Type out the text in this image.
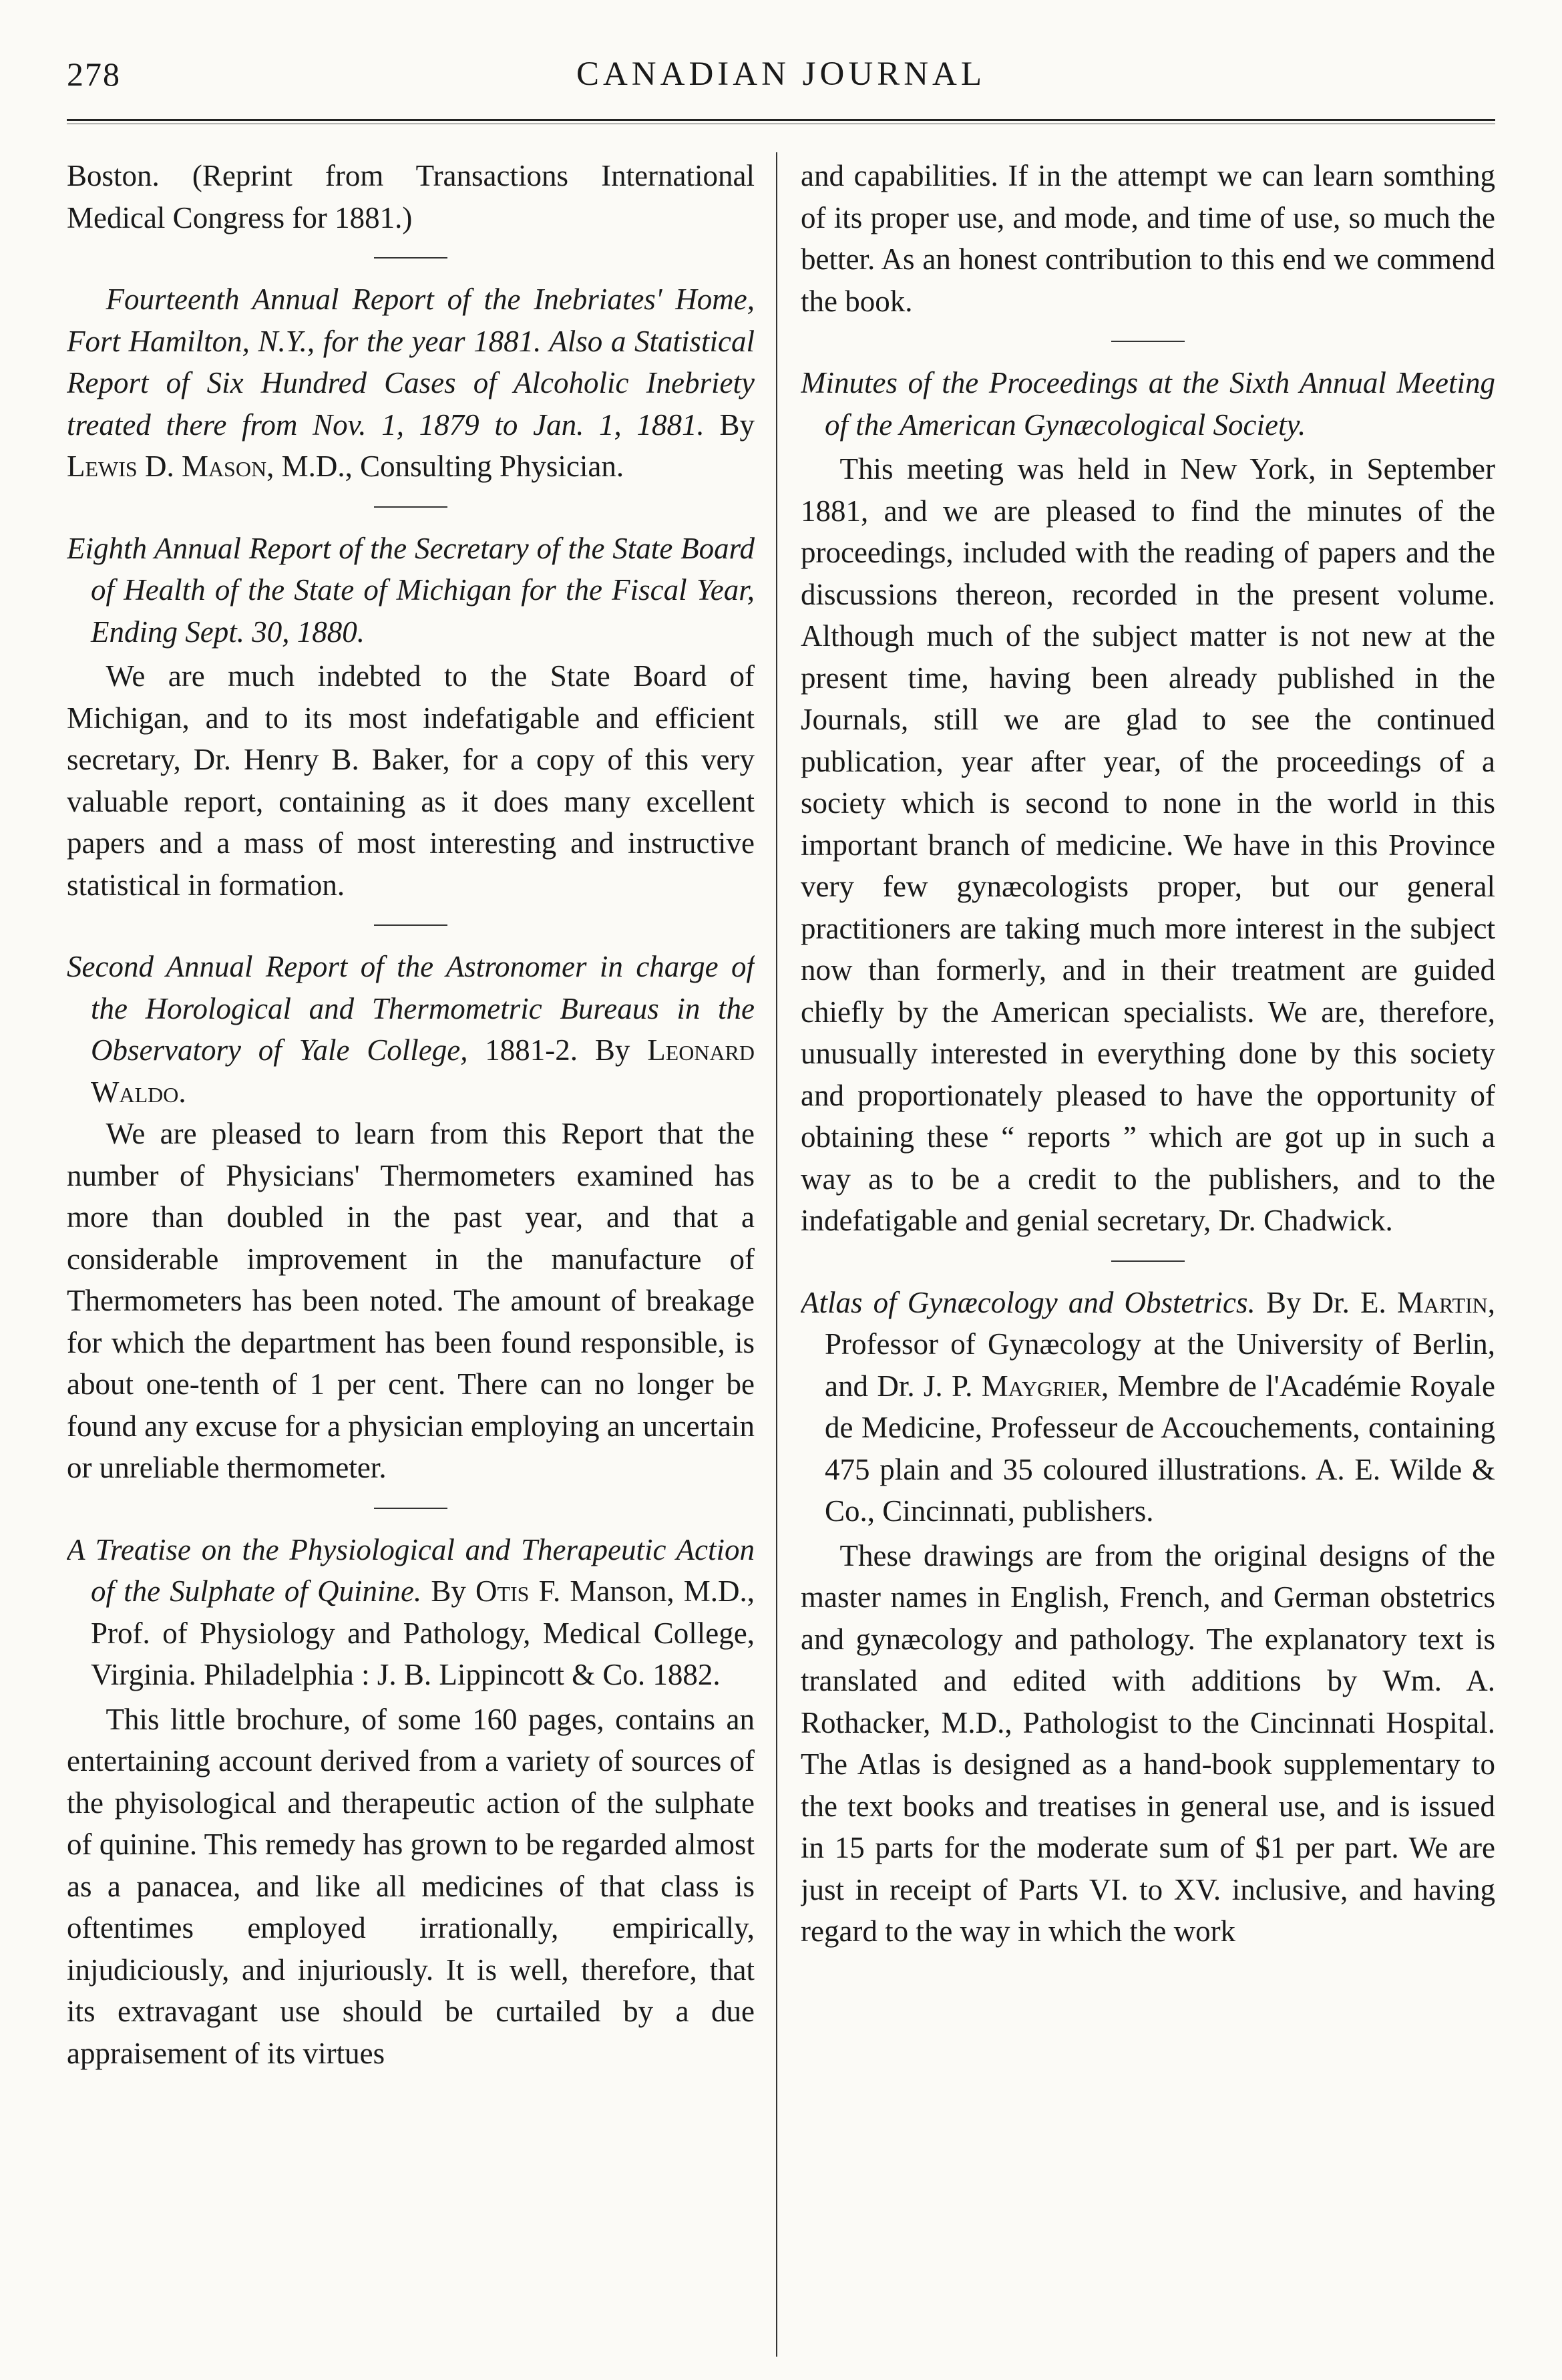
278	CANADIAN JOURNAL

Boston. (Reprint from Transactions International Medical Congress for 1881.)

Fourteenth Annual Report of the Inebriates' Home, Fort Hamilton, N.Y., for the year 1881. Also a Statistical Report of Six Hundred Cases of Alcoholic Inebriety treated there from Nov. 1, 1879 to Jan. 1, 1881. By Lewis D. Mason, M.D., Consulting Physician.

Eighth Annual Report of the Secretary of the State Board of Health of the State of Michigan for the Fiscal Year, Ending Sept. 30, 1880.

We are much indebted to the State Board of Michigan, and to its most indefatigable and efficient secretary, Dr. Henry B. Baker, for a copy of this very valuable report, containing as it does many excellent papers and a mass of most interesting and instructive statistical in formation.

Second Annual Report of the Astronomer in charge of the Horological and Thermometric Bureaus in the Observatory of Yale College, 1881-2. By Leonard Waldo.

We are pleased to learn from this Report that the number of Physicians' Thermometers examined has more than doubled in the past year, and that a considerable improvement in the manufacture of Thermometers has been noted. The amount of breakage for which the department has been found responsible, is about one-tenth of 1 per cent. There can no longer be found any excuse for a physician employing an uncertain or unreliable thermometer.

A Treatise on the Physiological and Therapeutic Action of the Sulphate of Quinine. By Otis F. Manson, M.D., Prof. of Physiology and Pathology, Medical College, Virginia. Philadelphia : J. B. Lippincott & Co. 1882.

This little brochure, of some 160 pages, contains an entertaining account derived from a variety of sources of the phyisological and therapeutic action of the sulphate of quinine. This remedy has grown to be regarded almost as a panacea, and like all medicines of that class is oftentimes employed irrationally, empirically, injudiciously, and injuriously. It is well, therefore, that its extravagant use should be curtailed by a due appraisement of its virtues

and capabilities. If in the attempt we can learn somthing of its proper use, and mode, and time of use, so much the better. As an honest contribution to this end we commend the book.

Minutes of the Proceedings at the Sixth Annual Meeting of the American Gynæcological Society.

This meeting was held in New York, in September 1881, and we are pleased to find the minutes of the proceedings, included with the reading of papers and the discussions thereon, recorded in the present volume. Although much of the subject matter is not new at the present time, having been already published in the Journals, still we are glad to see the continued publication, year after year, of the proceedings of a society which is second to none in the world in this important branch of medicine. We have in this Province very few gynæcologists proper, but our general practitioners are taking much more interest in the subject now than formerly, and in their treatment are guided chiefly by the American specialists. We are, therefore, unusually interested in everything done by this society and proportionately pleased to have the opportunity of obtaining these “ reports ” which are got up in such a way as to be a credit to the publishers, and to the indefatigable and genial secretary, Dr. Chadwick.

Atlas of Gynæcology and Obstetrics. By Dr. E. Martin, Professor of Gynæcology at the University of Berlin, and Dr. J. P. Maygrier, Membre de l'Académie Royale de Medicine, Professeur de Accouchements, containing 475 plain and 35 coloured illustrations. A. E. Wilde & Co., Cincinnati, publishers.

These drawings are from the original designs of the master names in English, French, and German obstetrics and gynæcology and pathology. The explanatory text is translated and edited with additions by Wm. A. Rothacker, M.D., Pathologist to the Cincinnati Hospital. The Atlas is designed as a hand-book supplementary to the text books and treatises in general use, and is issued in 15 parts for the moderate sum of $1 per part. We are just in receipt of Parts VI. to XV. inclusive, and having regard to the way in which the work
